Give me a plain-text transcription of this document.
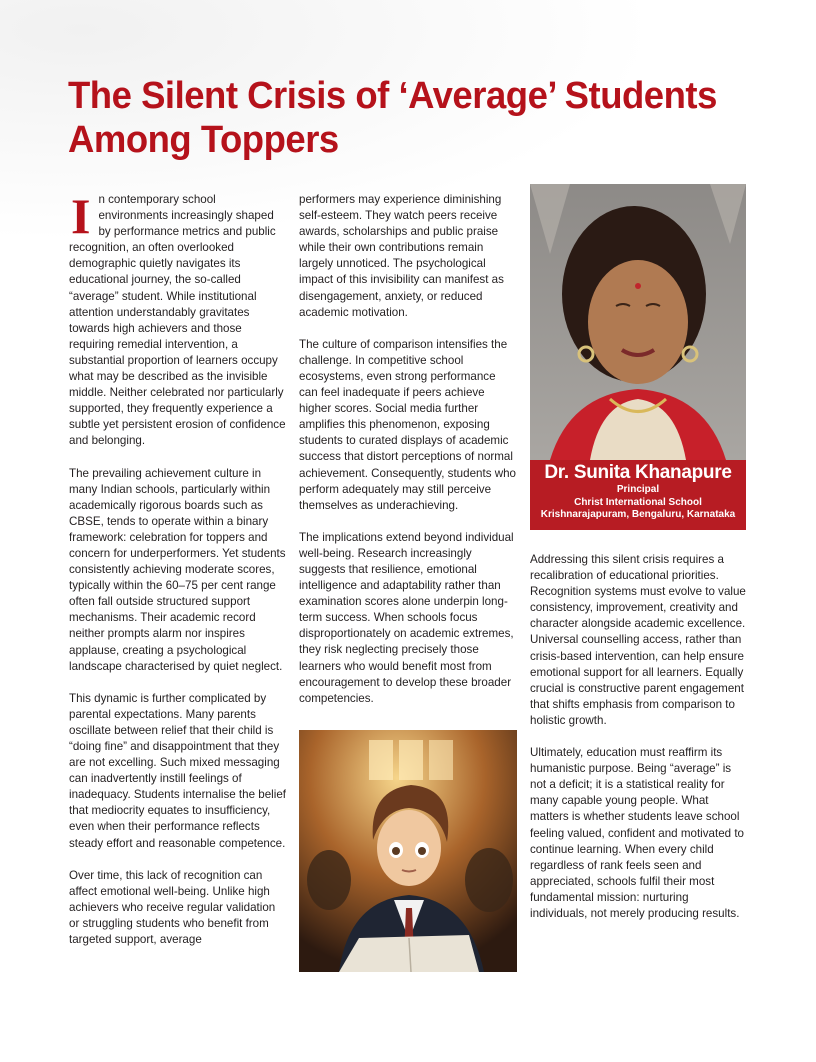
The Silent Crisis of ‘Average’ Students Among Toppers

In contemporary school environments increasingly shaped by performance metrics and public recognition, an often overlooked demographic quietly navigates its educational journey, the so-called “average” student. While institutional attention understandably gravitates towards high achievers and those requiring remedial intervention, a substantial proportion of learners occupy what may be described as the invisible middle. Neither celebrated nor particularly supported, they frequently experience a subtle yet persistent erosion of confidence and belonging.

The prevailing achievement culture in many Indian schools, particularly within academically rigorous boards such as CBSE, tends to operate within a binary framework: celebration for toppers and concern for underperformers. Yet students consistently achieving moderate scores, typically within the 60–75 per cent range often fall outside structured support mechanisms. Their academic record neither prompts alarm nor inspires applause, creating a psychological landscape characterised by quiet neglect.

This dynamic is further complicated by parental expectations. Many parents oscillate between relief that their child is “doing fine” and disappointment that they are not excelling. Such mixed messaging can inadvertently instill feelings of inadequacy. Students internalise the belief that mediocrity equates to insufficiency, even when their performance reflects steady effort and reasonable competence.

Over time, this lack of recognition can affect emotional well-being. Unlike high achievers who receive regular validation or struggling students who benefit from targeted support, average

performers may experience diminishing self-esteem. They watch peers receive awards, scholarships and public praise while their own contributions remain largely unnoticed. The psychological impact of this invisibility can manifest as disengagement, anxiety, or reduced academic motivation.

The culture of comparison intensifies the challenge. In competitive school ecosystems, even strong performance can feel inadequate if peers achieve higher scores. Social media further amplifies this phenomenon, exposing students to curated displays of academic success that distort perceptions of normal achievement. Consequently, students who perform adequately may still perceive themselves as underachieving.

The implications extend beyond individual well-being. Research increasingly suggests that resilience, emotional intelligence and adaptability rather than examination scores alone underpin long-term success. When schools focus disproportionately on academic extremes, they risk neglecting precisely those learners who would benefit most from encouragement to develop these broader competencies.

Dr. Sunita Khanapure
Principal
Christ International School
Krishnarajapuram, Bengaluru, Karnataka

Addressing this silent crisis requires a recalibration of educational priorities. Recognition systems must evolve to value consistency, improvement, creativity and character alongside academic excellence. Universal counselling access, rather than crisis-based intervention, can help ensure emotional support for all learners. Equally crucial is constructive parent engagement that shifts emphasis from comparison to holistic growth.

Ultimately, education must reaffirm its humanistic purpose. Being “average” is not a deficit; it is a statistical reality for many capable young people. What matters is whether students leave school feeling valued, confident and motivated to continue learning. When every child regardless of rank feels seen and appreciated, schools fulfil their most fundamental mission: nurturing individuals, not merely producing results.
